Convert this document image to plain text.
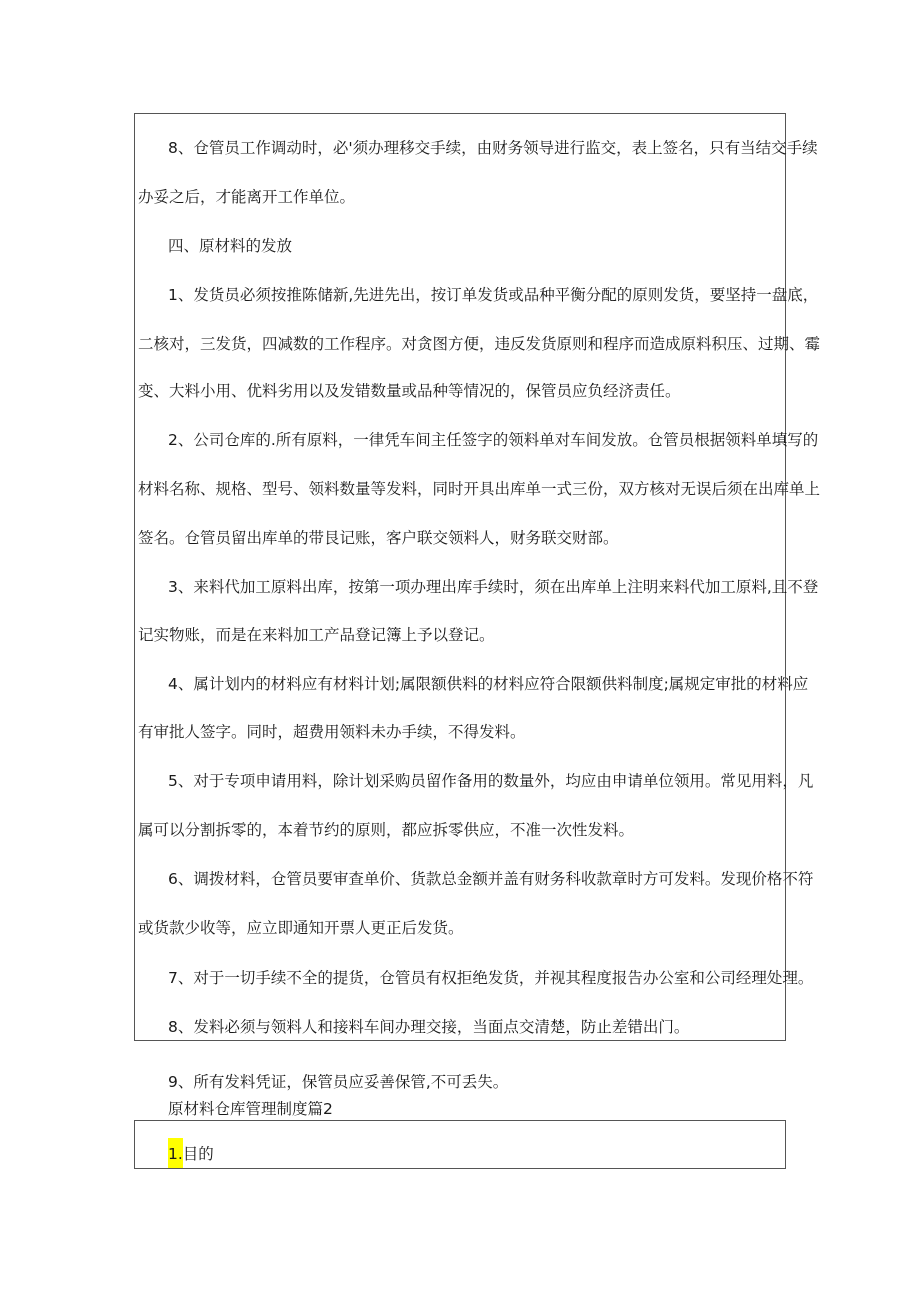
8、仓管员工作调动时，必'须办理移交手续，由财务领导进行监交，表上签名，只有当结交手续
办妥之后，才能离开工作单位。
四、原材料的发放
1、发货员必须按推陈储新,先进先出，按订单发货或品种平衡分配的原则发货，要坚持一盘底，
二核对，三发货，四减数的工作程序。对贪图方便，违反发货原则和程序而造成原料积压、过期、霉
变、大料小用、优料劣用以及发错数量或品种等情况的，保管员应负经济责任。
2、公司仓库的.所有原料，一律凭车间主任签字的领料单对车间发放。仓管员根据领料单填写的
材料名称、规格、型号、领料数量等发料，同时开具出库单一式三份，双方核对无误后须在出库单上
签名。仓管员留出库单的带艮记账，客户联交领料人，财务联交财部。
3、来料代加工原料出库，按第一项办理出库手续时，须在出库单上注明来料代加工原料,且不登
记实物账，而是在来料加工产品登记簿上予以登记。
4、属计划内的材料应有材料计划;属限额供料的材料应符合限额供料制度;属规定审批的材料应
有审批人签字。同时，超费用领料未办手续，不得发料。
5、对于专项申请用料，除计划采购员留作备用的数量外，均应由申请单位领用。常见用料，凡
属可以分割拆零的，本着节约的原则，都应拆零供应，不准一次性发料。
6、调拨材料，仓管员要审查单价、货款总金额并盖有财务科收款章时方可发料。发现价格不符
或货款少收等，应立即通知开票人更正后发货。
7、对于一切手续不全的提货，仓管员有权拒绝发货，并视其程度报告办公室和公司经理处理。
8、发料必须与领料人和接料车间办理交接，当面点交清楚，防止差错出门。
9、所有发料凭证，保管员应妥善保管,不可丢失。
原材料仓库管理制度篇2
1.目的
